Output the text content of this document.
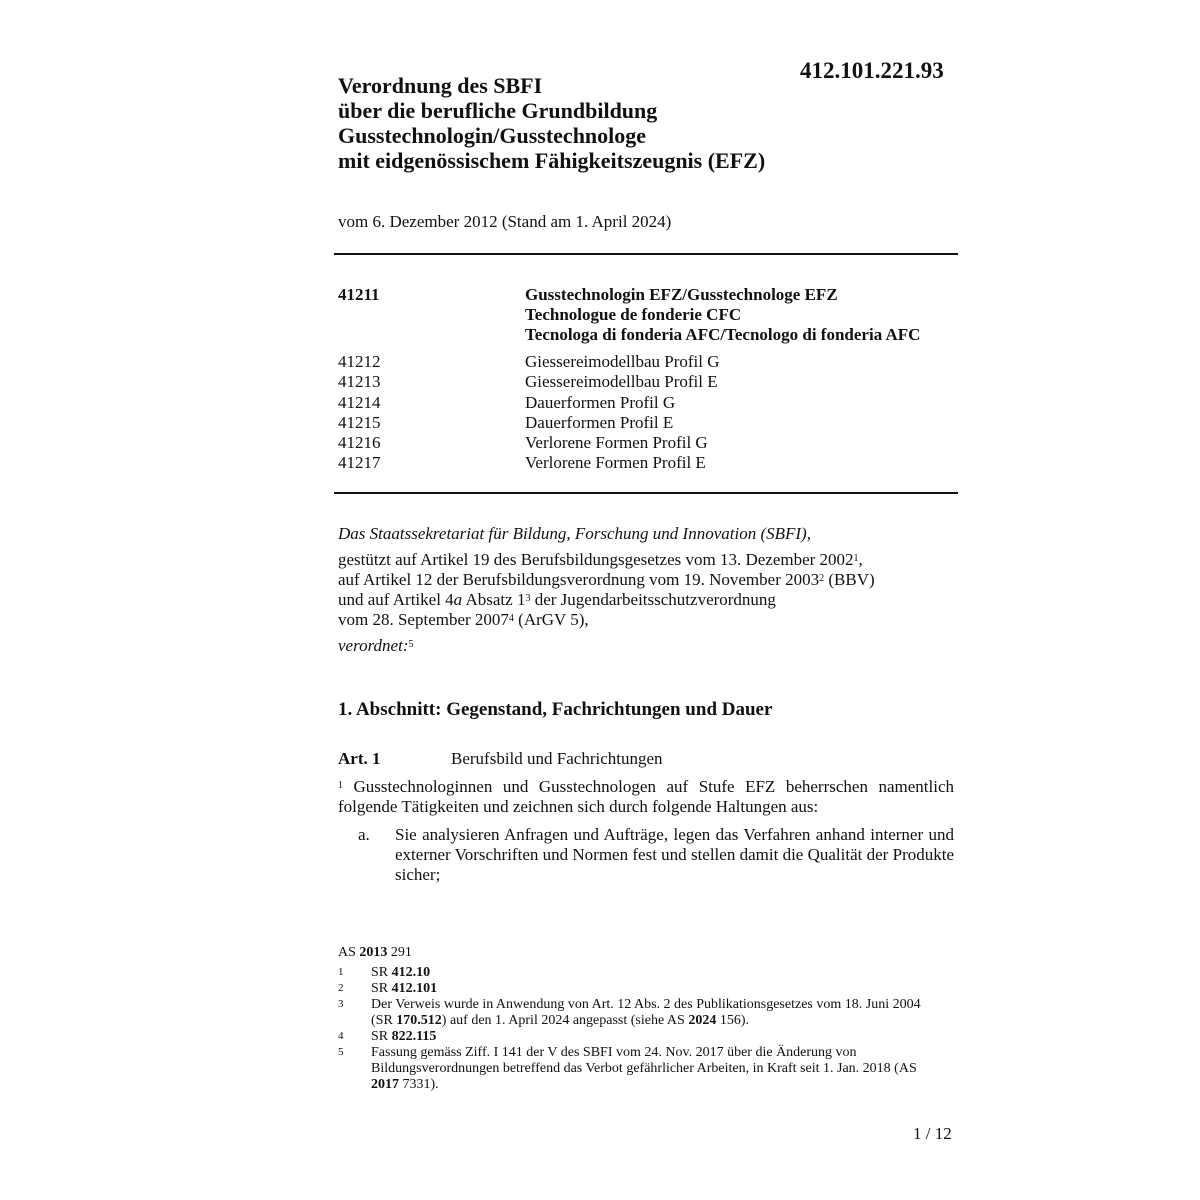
412.101.221.93
Verordnung des SBFI
über die berufliche Grundbildung
Gusstechnologin/Gusstechnologe
mit eidgenössischem Fähigkeitszeugnis (EFZ)
vom 6. Dezember 2012 (Stand am 1. April 2024)
41211	Gusstechnologin EFZ/Gusstechnologe EFZ
Technologue de fonderie CFC
Tecnologa di fonderia AFC/Tecnologo di fonderia AFC
41212	Giessereimodellbau Profil G
41213	Giessereimodellbau Profil E
41214	Dauerformen Profil G
41215	Dauerformen Profil E
41216	Verlorene Formen Profil G
41217	Verlorene Formen Profil E
Das Staatssekretariat für Bildung, Forschung und Innovation (SBFI),
gestützt auf Artikel 19 des Berufsbildungsgesetzes vom 13. Dezember 2002$^1$,
auf Artikel 12 der Berufsbildungsverordnung vom 19. November 2003$^2$ (BBV)
und auf Artikel 4a Absatz $1^3$ der Jugendarbeitsschutzverordnung
vom 28. September 2007$^4$ (ArGV 5),
verordnet:$^5$
1. Abschnitt: Gegenstand, Fachrichtungen und Dauer
Art. 1	Berufsbild und Fachrichtungen
$^1$ Gusstechnologinnen und Gusstechnologen auf Stufe EFZ beherrschen namentlich folgende Tätigkeiten und zeichnen sich durch folgende Haltungen aus:
a. Sie analysieren Anfragen und Aufträge, legen das Verfahren anhand interner und externer Vorschriften und Normen fest und stellen damit die Qualität der Produkte sicher;
AS 2013 291
1	SR 412.10
2	SR 412.101
3	Der Verweis wurde in Anwendung von Art. 12 Abs. 2 des Publikationsgesetzes vom 18. Juni 2004 (SR 170.512) auf den 1. April 2024 angepasst (siehe AS 2024 156).
4	SR 822.115
5	Fassung gemäss Ziff. I 141 der V des SBFI vom 24. Nov. 2017 über die Änderung von Bildungsverordnungen betreffend das Verbot gefährlicher Arbeiten, in Kraft seit 1. Jan. 2018 (AS 2017 7331).
1 / 12
